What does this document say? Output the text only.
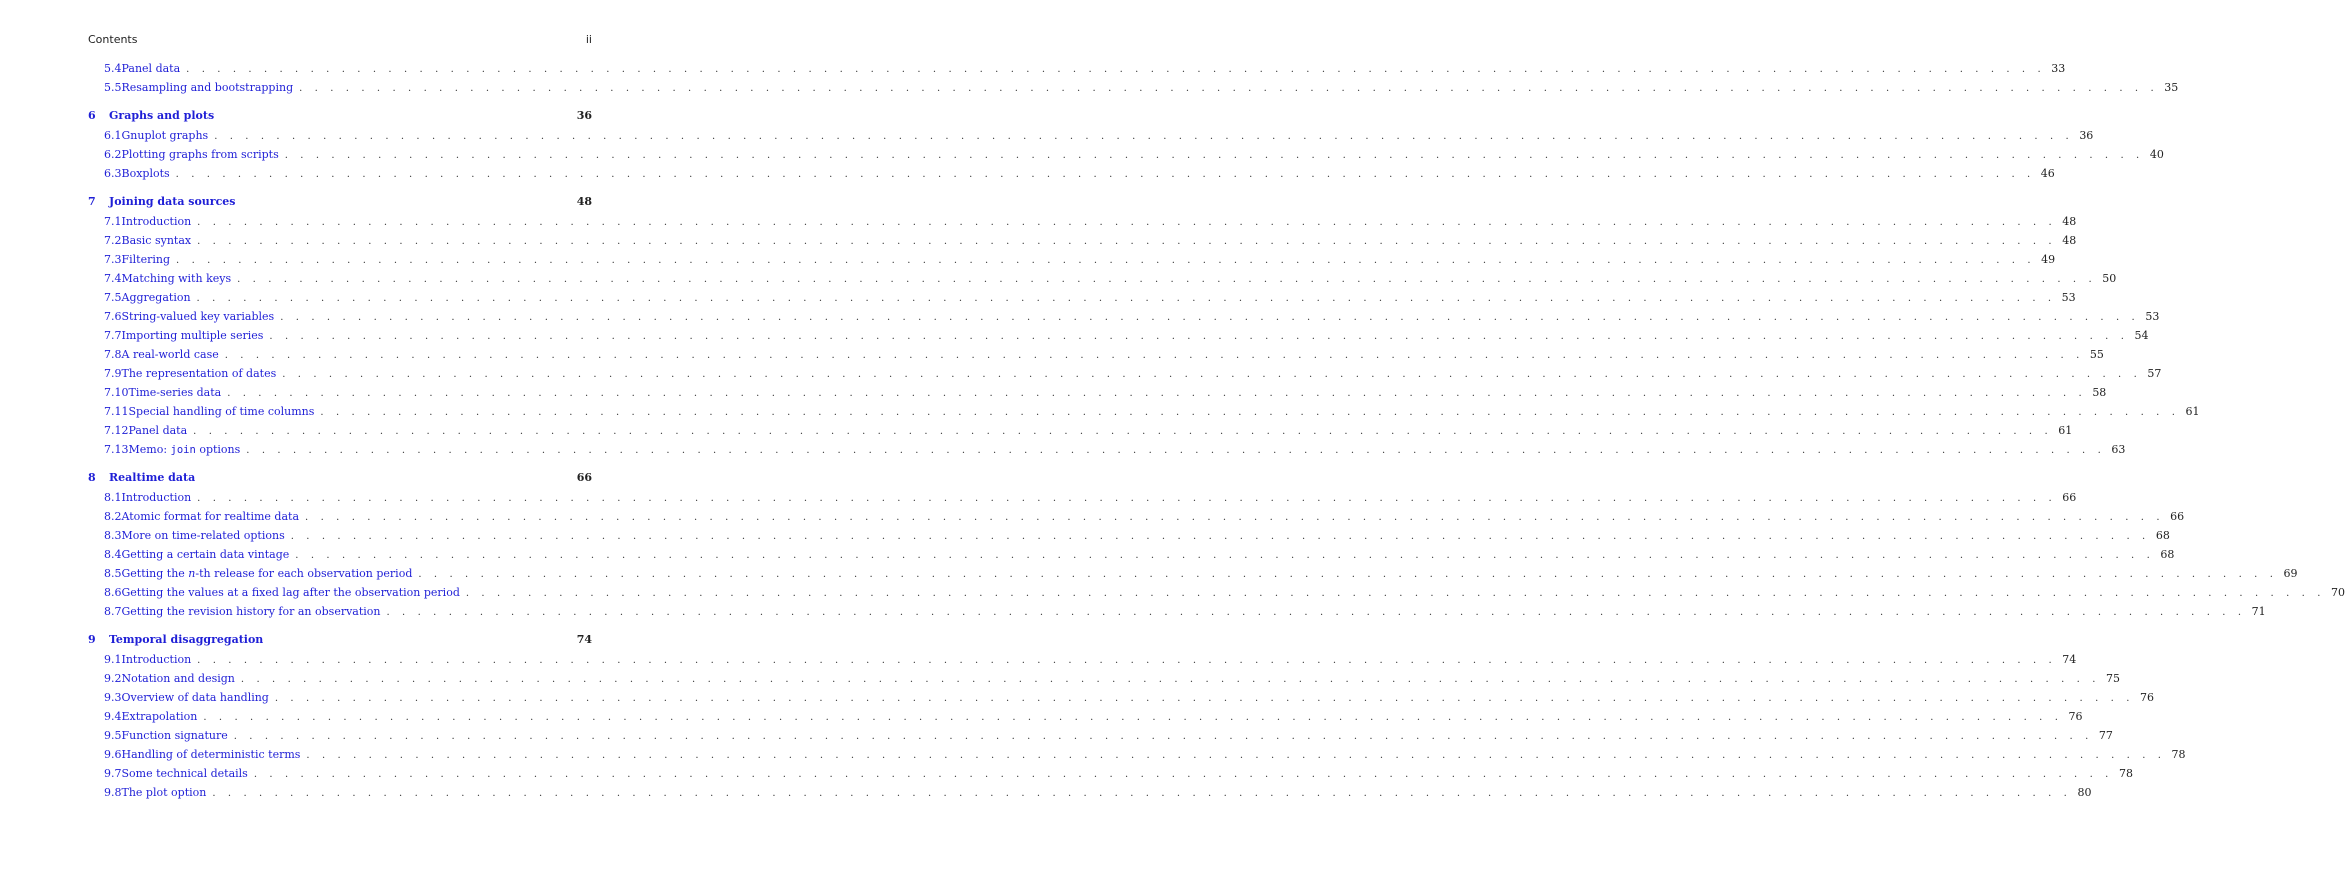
Contents	ii
5.4 Panel data . . . . . . . . . . . . . . . . . . . . . . . . . . . . . . . . . . . . . . . . . . . . . . . . . . . . . . . . . . . . . . . . . . . . . . . . . . . . . . . . . . . . . . . . . . . . . . . . . . . . . . . . . . . . . . . . . . . . . . . . 33
5.5 Resampling and bootstrapping . . . . . . . . . . . . . . . . . . . . . . . . . . . . . . . . . . . . . . . . . . . . . . . . . . . . . . . . . . . . . . . . . . . . . . . . . . . . . . . . . . . . . . . . . . . . . . . . . . . . . . . . . . . . . . . . . . . . . . . . 35
6	Graphs and plots	36
6.1 Gnuplot graphs . . . . . . . . . . . . . . . . . . . . . . . . . . . . . . . . . . . . . . . . . . . . . . . . . . . . . . . . . . . . . . . . . . . . . . . . . . . . . . . . . . . . . . . . . . . . . . . . . . . . . . . . . . . . . . . . . . . . . . . . 36
6.2 Plotting graphs from scripts . . . . . . . . . . . . . . . . . . . . . . . . . . . . . . . . . . . . . . . . . . . . . . . . . . . . . . . . . . . . . . . . . . . . . . . . . . . . . . . . . . . . . . . . . . . . . . . . . . . . . . . . . . . . . . . . . . . . . . . . 40
6.3 Boxplots . . . . . . . . . . . . . . . . . . . . . . . . . . . . . . . . . . . . . . . . . . . . . . . . . . . . . . . . . . . . . . . . . . . . . . . . . . . . . . . . . . . . . . . . . . . . . . . . . . . . . . . . . . . . . . . . . . . . . . . . 46
7	Joining data sources	48
7.1 Introduction . . . . . . . . . . . . . . . . . . . . . . . . . . . . . . . . . . . . . . . . . . . . . . . . . . . . . . . . . . . . . . . . . . . . . . . . . . . . . . . . . . . . . . . . . . . . . . . . . . . . . . . . . . . . . . . . . . . . . . . . 48
7.2 Basic syntax . . . . . . . . . . . . . . . . . . . . . . . . . . . . . . . . . . . . . . . . . . . . . . . . . . . . . . . . . . . . . . . . . . . . . . . . . . . . . . . . . . . . . . . . . . . . . . . . . . . . . . . . . . . . . . . . . . . . . . . . 48
7.3 Filtering . . . . . . . . . . . . . . . . . . . . . . . . . . . . . . . . . . . . . . . . . . . . . . . . . . . . . . . . . . . . . . . . . . . . . . . . . . . . . . . . . . . . . . . . . . . . . . . . . . . . . . . . . . . . . . . . . . . . . . . . 49
7.4 Matching with keys . . . . . . . . . . . . . . . . . . . . . . . . . . . . . . . . . . . . . . . . . . . . . . . . . . . . . . . . . . . . . . . . . . . . . . . . . . . . . . . . . . . . . . . . . . . . . . . . . . . . . . . . . . . . . . . . . . . . . . . . 50
7.5 Aggregation . . . . . . . . . . . . . . . . . . . . . . . . . . . . . . . . . . . . . . . . . . . . . . . . . . . . . . . . . . . . . . . . . . . . . . . . . . . . . . . . . . . . . . . . . . . . . . . . . . . . . . . . . . . . . . . . . . . . . . . . 53
7.6 String-valued key variables . . . . . . . . . . . . . . . . . . . . . . . . . . . . . . . . . . . . . . . . . . . . . . . . . . . . . . . . . . . . . . . . . . . . . . . . . . . . . . . . . . . . . . . . . . . . . . . . . . . . . . . . . . . . . . . . . . . . . . . . 53
7.7 Importing multiple series . . . . . . . . . . . . . . . . . . . . . . . . . . . . . . . . . . . . . . . . . . . . . . . . . . . . . . . . . . . . . . . . . . . . . . . . . . . . . . . . . . . . . . . . . . . . . . . . . . . . . . . . . . . . . . . . . . . . . . . . 54
7.8 A real-world case . . . . . . . . . . . . . . . . . . . . . . . . . . . . . . . . . . . . . . . . . . . . . . . . . . . . . . . . . . . . . . . . . . . . . . . . . . . . . . . . . . . . . . . . . . . . . . . . . . . . . . . . . . . . . . . . . . . . . . . . 55
7.9 The representation of dates . . . . . . . . . . . . . . . . . . . . . . . . . . . . . . . . . . . . . . . . . . . . . . . . . . . . . . . . . . . . . . . . . . . . . . . . . . . . . . . . . . . . . . . . . . . . . . . . . . . . . . . . . . . . . . . . . . . . . . . . 57
7.10 Time-series data . . . . . . . . . . . . . . . . . . . . . . . . . . . . . . . . . . . . . . . . . . . . . . . . . . . . . . . . . . . . . . . . . . . . . . . . . . . . . . . . . . . . . . . . . . . . . . . . . . . . . . . . . . . . . . . . . . . . . . . . 58
7.11 Special handling of time columns . . . . . . . . . . . . . . . . . . . . . . . . . . . . . . . . . . . . . . . . . . . . . . . . . . . . . . . . . . . . . . . . . . . . . . . . . . . . . . . . . . . . . . . . . . . . . . . . . . . . . . . . . . . . . . . . . . . . . . . . 61
7.12 Panel data . . . . . . . . . . . . . . . . . . . . . . . . . . . . . . . . . . . . . . . . . . . . . . . . . . . . . . . . . . . . . . . . . . . . . . . . . . . . . . . . . . . . . . . . . . . . . . . . . . . . . . . . . . . . . . . . . . . . . . . . 61
7.13 Memo: join options . . . . . . . . . . . . . . . . . . . . . . . . . . . . . . . . . . . . . . . . . . . . . . . . . . . . . . . . . . . . . . . . . . . . . . . . . . . . . . . . . . . . . . . . . . . . . . . . . . . . . . . . . . . . . . . . . . . . . . . . 63
8	Realtime data	66
8.1 Introduction . . . . . . . . . . . . . . . . . . . . . . . . . . . . . . . . . . . . . . . . . . . . . . . . . . . . . . . . . . . . . . . . . . . . . . . . . . . . . . . . . . . . . . . . . . . . . . . . . . . . . . . . . . . . . . . . . . . . . . . . 66
8.2 Atomic format for realtime data . . . . . . . . . . . . . . . . . . . . . . . . . . . . . . . . . . . . . . . . . . . . . . . . . . . . . . . . . . . . . . . . . . . . . . . . . . . . . . . . . . . . . . . . . . . . . . . . . . . . . . . . . . . . . . . . . . . . . . . . 66
8.3 More on time-related options . . . . . . . . . . . . . . . . . . . . . . . . . . . . . . . . . . . . . . . . . . . . . . . . . . . . . . . . . . . . . . . . . . . . . . . . . . . . . . . . . . . . . . . . . . . . . . . . . . . . . . . . . . . . . . . . . . . . . . . . 68
8.4 Getting a certain data vintage . . . . . . . . . . . . . . . . . . . . . . . . . . . . . . . . . . . . . . . . . . . . . . . . . . . . . . . . . . . . . . . . . . . . . . . . . . . . . . . . . . . . . . . . . . . . . . . . . . . . . . . . . . . . . . . . . . . . . . . . 68
8.5 Getting the n-th release for each observation period . . . . . . . . . . . . . . . . . . . . . . . . . . . . . . . . . . . . . . . . . . . . . . . . . . . . . . . . . . . . . . . . . . . . . . . . . . . . . . . . . . . . . . . . . . . . . . . . . . . . . . . . . . . . . . . . . . . . . . . . 69
8.6 Getting the values at a fixed lag after the observation period . . . . . . . . . . . . . . . . . . . . . . . . . . . . . . . . . . . . . . . . . . . . . . . . . . . . . . . . . . . . . . . . . . . . . . . . . . . . . . . . . . . . . . . . . . . . . . . . . . . . . . . . . . . . . . . . . . . . . . . . 70
8.7 Getting the revision history for an observation . . . . . . . . . . . . . . . . . . . . . . . . . . . . . . . . . . . . . . . . . . . . . . . . . . . . . . . . . . . . . . . . . . . . . . . . . . . . . . . . . . . . . . . . . . . . . . . . . . . . . . . . . . . . . . . . . . . . . . . . 71
9	Temporal disaggregation	74
9.1 Introduction . . . . . . . . . . . . . . . . . . . . . . . . . . . . . . . . . . . . . . . . . . . . . . . . . . . . . . . . . . . . . . . . . . . . . . . . . . . . . . . . . . . . . . . . . . . . . . . . . . . . . . . . . . . . . . . . . . . . . . . . 74
9.2 Notation and design . . . . . . . . . . . . . . . . . . . . . . . . . . . . . . . . . . . . . . . . . . . . . . . . . . . . . . . . . . . . . . . . . . . . . . . . . . . . . . . . . . . . . . . . . . . . . . . . . . . . . . . . . . . . . . . . . . . . . . . . 75
9.3 Overview of data handling . . . . . . . . . . . . . . . . . . . . . . . . . . . . . . . . . . . . . . . . . . . . . . . . . . . . . . . . . . . . . . . . . . . . . . . . . . . . . . . . . . . . . . . . . . . . . . . . . . . . . . . . . . . . . . . . . . . . . . . . 76
9.4 Extrapolation . . . . . . . . . . . . . . . . . . . . . . . . . . . . . . . . . . . . . . . . . . . . . . . . . . . . . . . . . . . . . . . . . . . . . . . . . . . . . . . . . . . . . . . . . . . . . . . . . . . . . . . . . . . . . . . . . . . . . . . . 76
9.5 Function signature . . . . . . . . . . . . . . . . . . . . . . . . . . . . . . . . . . . . . . . . . . . . . . . . . . . . . . . . . . . . . . . . . . . . . . . . . . . . . . . . . . . . . . . . . . . . . . . . . . . . . . . . . . . . . . . . . . . . . . . . 77
9.6 Handling of deterministic terms . . . . . . . . . . . . . . . . . . . . . . . . . . . . . . . . . . . . . . . . . . . . . . . . . . . . . . . . . . . . . . . . . . . . . . . . . . . . . . . . . . . . . . . . . . . . . . . . . . . . . . . . . . . . . . . . . . . . . . . . 78
9.7 Some technical details . . . . . . . . . . . . . . . . . . . . . . . . . . . . . . . . . . . . . . . . . . . . . . . . . . . . . . . . . . . . . . . . . . . . . . . . . . . . . . . . . . . . . . . . . . . . . . . . . . . . . . . . . . . . . . . . . . . . . . . . 78
9.8 The plot option . . . . . . . . . . . . . . . . . . . . . . . . . . . . . . . . . . . . . . . . . . . . . . . . . . . . . . . . . . . . . . . . . . . . . . . . . . . . . . . . . . . . . . . . . . . . . . . . . . . . . . . . . . . . . . . . . . . . . . . . 80
